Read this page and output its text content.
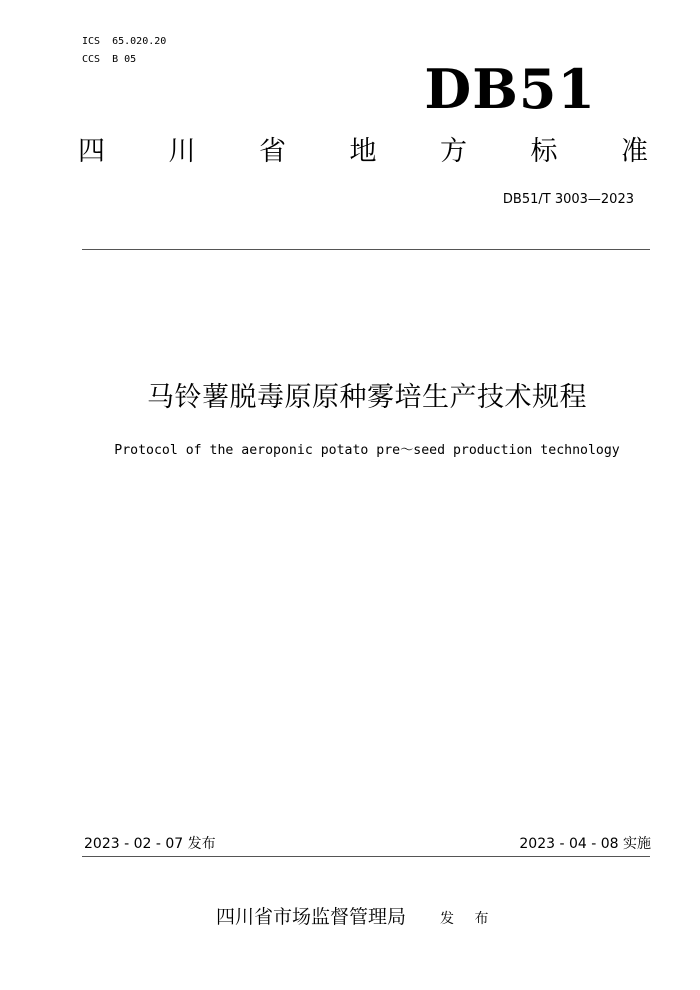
ICS  65.020.20
CCS  B 05	DB51
四 川 省 地 方 标 准
DB51/T 3003—2023
马铃薯脱毒原原种雾培生产技术规程
Protocol of the aeroponic potato pre～seed production technology
2023 - 02 - 07 发布	2023 - 04 - 08 实施
四川省市场监督管理局 发 布
